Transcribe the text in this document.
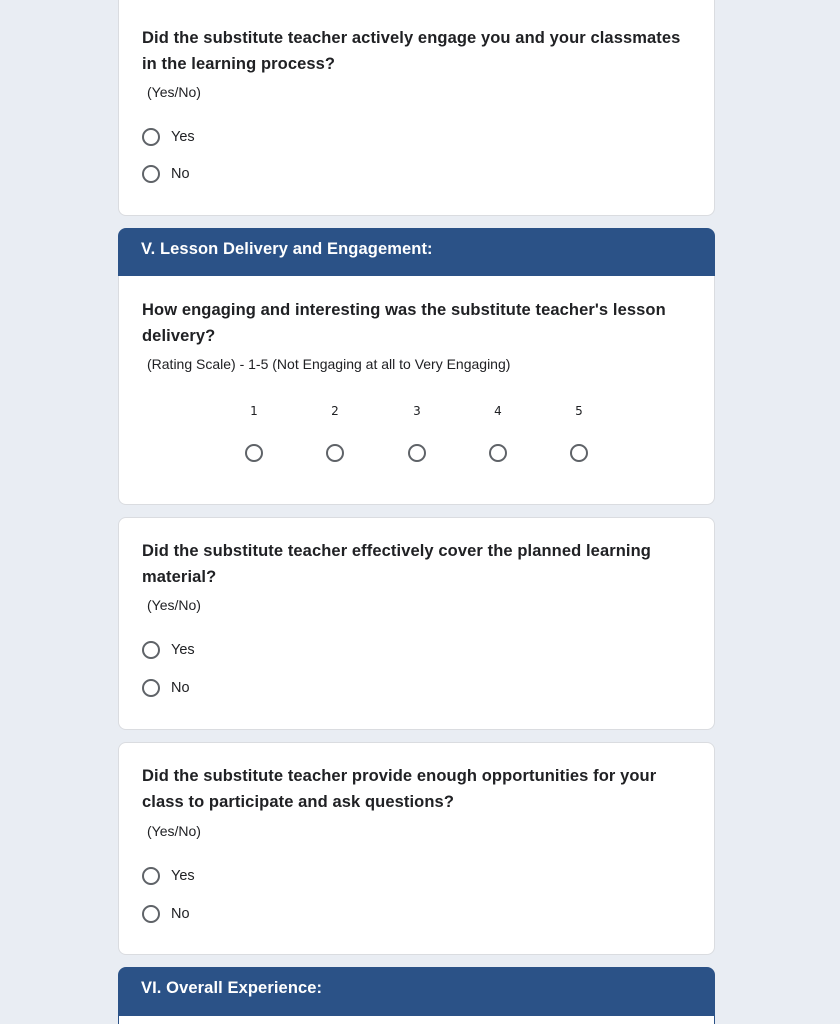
Did the substitute teacher actively engage you and your classmates in the learning process?
(Yes/No)
Yes
No
V. Lesson Delivery and Engagement:
How engaging and interesting was the substitute teacher's lesson delivery?
(Rating Scale) - 1-5 (Not Engaging at all to Very Engaging)
1	2	3	4	5
Did the substitute teacher effectively cover the planned learning material?
(Yes/No)
Yes
No
Did the substitute teacher provide enough opportunities for your class to participate and ask questions?
(Yes/No)
Yes
No
VI. Overall Experience:
